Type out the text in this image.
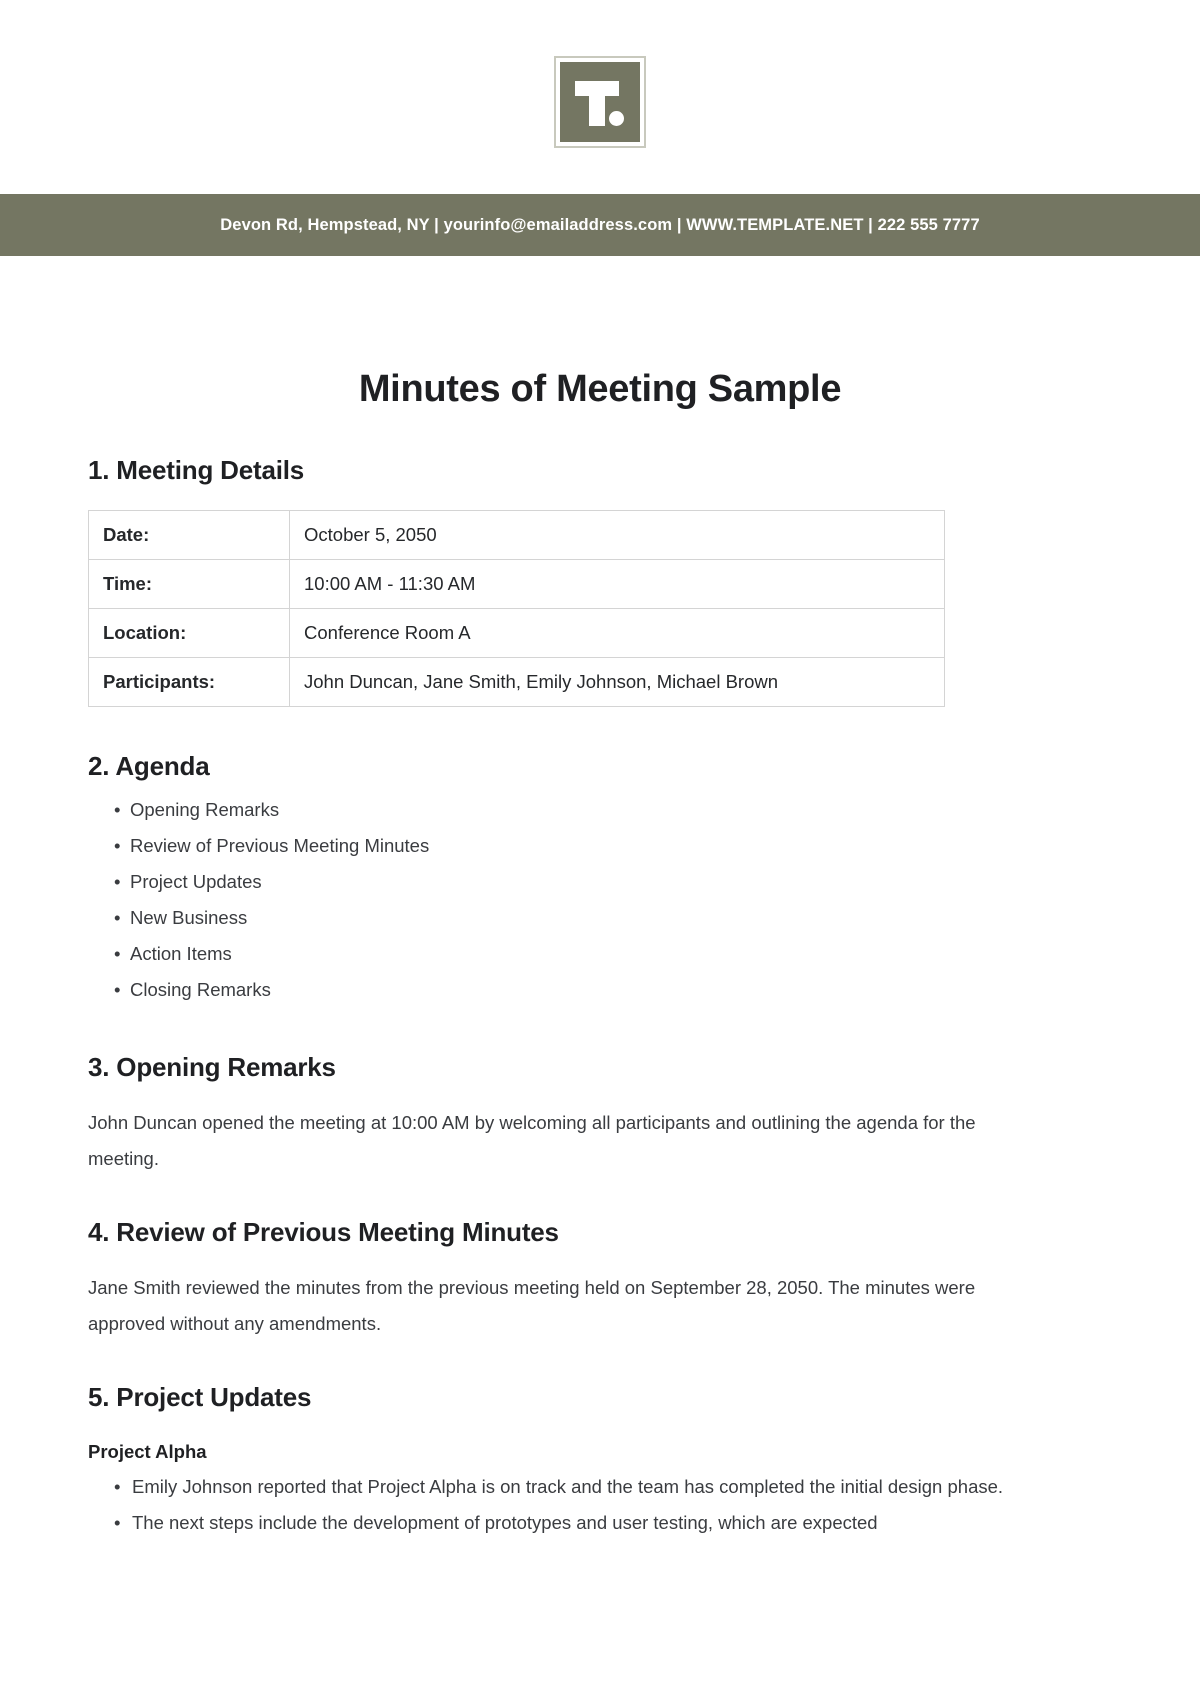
Devon Rd, Hempstead, NY | yourinfo@emailaddress.com | WWW.TEMPLATE.NET | 222 555 7777
Minutes of Meeting Sample
1. Meeting Details
Date:	October 5, 2050
Time:	10:00 AM - 11:30 AM
Location:	Conference Room A
Participants:	John Duncan, Jane Smith, Emily Johnson, Michael Brown
2. Agenda
• Opening Remarks
• Review of Previous Meeting Minutes
• Project Updates
• New Business
• Action Items
• Closing Remarks
3. Opening Remarks

John Duncan opened the meeting at 10:00 AM by welcoming all participants and outlining the agenda for the meeting.

4. Review of Previous Meeting Minutes

Jane Smith reviewed the minutes from the previous meeting held on September 28, 2050. The minutes were approved without any amendments.

5. Project Updates
Project Alpha
• Emily Johnson reported that Project Alpha is on track and the team has completed the initial design phase.
• The next steps include the development of prototypes and user testing, which are expected
